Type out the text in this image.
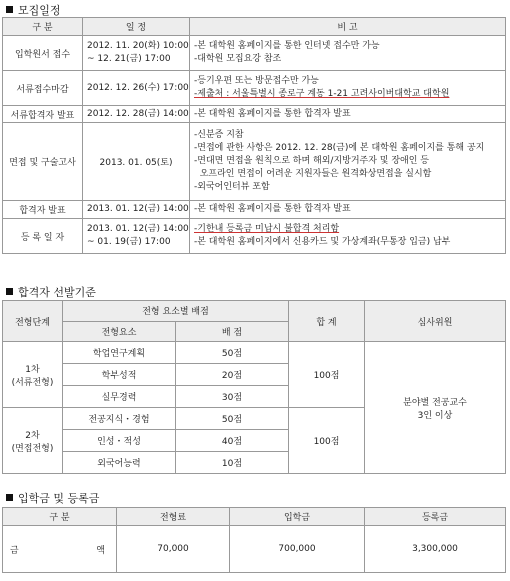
모집일정
구 분	일 정	비 고
입학원서 접수	2012. 11. 20(화) 10:00
~ 12. 21(금) 17:00	-본 대학원 홈페이지를 통한 인터넷 접수만 가능
-대학원 모집요강 참조

서류접수마감	2012. 12. 26(수) 17:00	-등기우편 또는 방문접수만 가능
-제출처 : 서울특별시 종로구 계동 1-21 고려사이버대학교 대학원

서류합격자 발표	2012. 12. 28(금) 14:00	-본 대학원 홈페이지를 통한 합격자 발표

면접 및 구술고사	2013. 01. 05(토)	-신분증 지참
-면접에 관한 사항은 2012. 12. 28(금)에 본 대학원 홈페이지를 통해 공지
-면대면 면접을 원칙으로 하며 해외/지방거주자 및 장애인 등
오프라인 면접이 어려운 지원자들은 원격화상면접을 실시함
-외국어인터뷰 포함

합격자 발표	2013. 01. 12(금) 14:00	-본 대학원 홈페이지를 통한 합격자 발표

등 록 일 자	2013. 01. 12(금) 14:00
~ 01. 19(금) 17:00	-기한내 등록금 미납시 불합격 처리함
-본 대학원 홈페이지에서 신용카드 및 가상계좌(무통장 입금) 납부
합격자 선발기준
전형단계	전형 요소별 배점		합 계	심사위원
	전형요소	배 점		

1차
(서류전형)	학업연구계획	50점	100점	분야별 전공교수
3인 이상

	학부성적	20점		
	실무경력	30점		

2차
(면접전형)	전공지식・경험	50점	100점	
	인성・적성	40점		
	외국어능력	10점		
입학금 및 등록금
구 분	전형료	입학금	등록금

금 액	70,000	700,000	3,300,000
